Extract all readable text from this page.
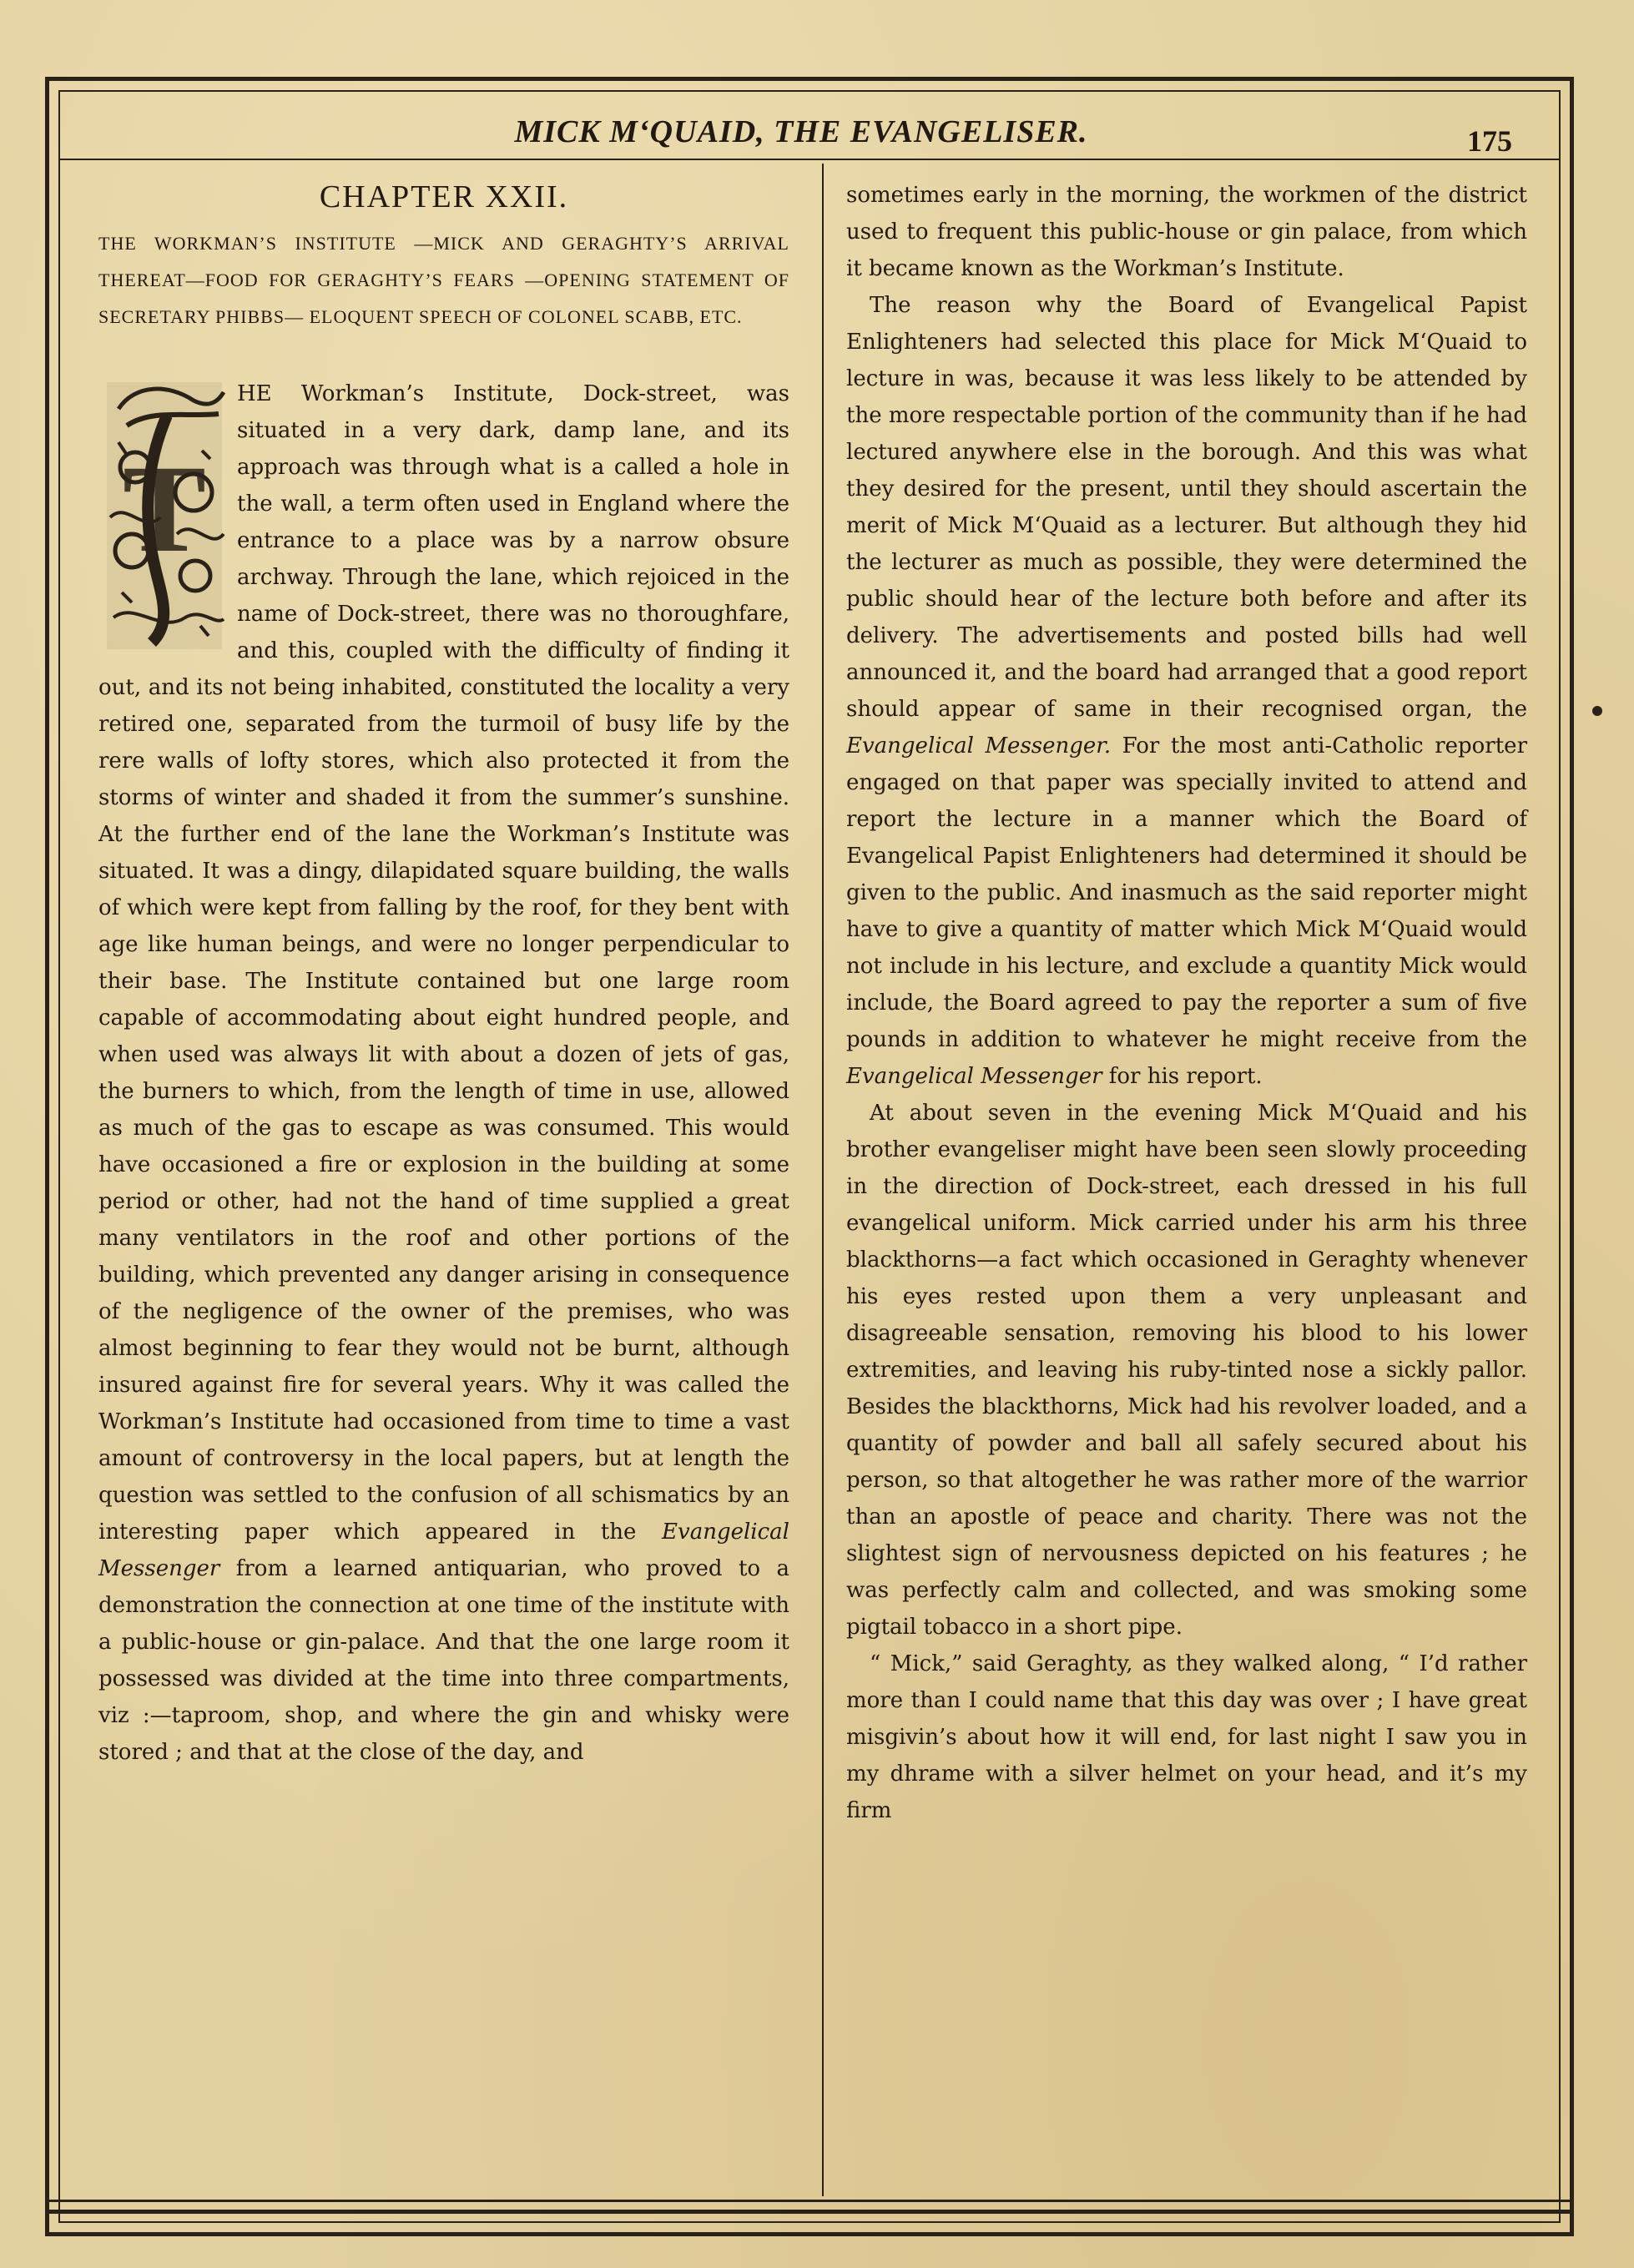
MICK M‘QUAID, THE EVANGELISER.	175
CHAPTER XXII.
THE WORKMAN’S INSTITUTE —MICK AND GERAGHTY’S ARRIVAL THEREAT—FOOD FOR GERAGHTY’S FEARS —OPENING STATEMENT OF SECRETARY PHIBBS— ELOQUENT SPEECH OF COLONEL SCABB, ETC.
T

HE Workman’s Institute, Dock-street, was situated in a very dark, damp lane, and its approach was through what is a called a hole in the wall, a term often used in England where the entrance to a place was by a narrow obsure archway. Through the lane, which rejoiced in the name of Dock-street, there was no thoroughfare, and this, coupled with the difficulty of finding it out, and its not being inhabited, constituted the locality a very retired one, separated from the turmoil of busy life by the rere walls of lofty stores, which also protected it from the storms of winter and shaded it from the summer’s sunshine. At the further end of the lane the Workman’s Institute was situated. It was a dingy, dilapidated square building, the walls of which were kept from falling by the roof, for they bent with age like human beings, and were no longer perpendicular to their base. The Institute contained but one large room capable of accommodating about eight hundred people, and when used was always lit with about a dozen of jets of gas, the burners to which, from the length of time in use, allowed as much of the gas to escape as was consumed. This would have occasioned a fire or explosion in the building at some period or other, had not the hand of time supplied a great many ventilators in the roof and other portions of the building, which prevented any danger arising in consequence of the negligence of the owner of the premises, who was almost beginning to fear they would not be burnt, although insured against fire for several years. Why it was called the Workman’s Institute had occasioned from time to time a vast amount of controversy in the local papers, but at length the question was settled to the confusion of all schismatics by an interesting paper which appeared in the Evangelical Messenger from a learned antiquarian, who proved to a demonstration the connection at one time of the institute with a public-house or gin-palace. And that the one large room it possessed was divided at the time into three compartments, viz :—taproom, shop, and where the gin and whisky were stored ; and that at the close of the day, and

sometimes early in the morning, the workmen of the district used to frequent this public-house or gin palace, from which it became known as the Workman’s Institute.

The reason why the Board of Evangelical Papist Enlighteners had selected this place for Mick M‘Quaid to lecture in was, because it was less likely to be attended by the more respectable portion of the community than if he had lectured anywhere else in the borough. And this was what they desired for the present, until they should ascertain the merit of Mick M‘Quaid as a lecturer. But although they hid the lecturer as much as possible, they were determined the public should hear of the lecture both before and after its delivery. The advertisements and posted bills had well announced it, and the board had arranged that a good report should appear of same in their recognised organ, the Evangelical Messenger. For the most anti-Catholic reporter engaged on that paper was specially invited to attend and report the lecture in a manner which the Board of Evangelical Papist Enlighteners had determined it should be given to the public. And inasmuch as the said reporter might have to give a quantity of matter which Mick M‘Quaid would not include in his lecture, and exclude a quantity Mick would include, the Board agreed to pay the reporter a sum of five pounds in addition to whatever he might receive from the Evangelical Messenger for his report.

At about seven in the evening Mick M‘Quaid and his brother evangeliser might have been seen slowly proceeding in the direction of Dock-street, each dressed in his full evangelical uniform. Mick carried under his arm his three blackthorns—a fact which occasioned in Geraghty whenever his eyes rested upon them a very unpleasant and disagreeable sensation, removing his blood to his lower extremities, and leaving his ruby-tinted nose a sickly pallor. Besides the blackthorns, Mick had his revolver loaded, and a quantity of powder and ball all safely secured about his person, so that altogether he was rather more of the warrior than an apostle of peace and charity. There was not the slightest sign of nervousness depicted on his features ; he was perfectly calm and collected, and was smoking some pigtail tobacco in a short pipe.

“ Mick,” said Geraghty, as they walked along, “ I’d rather more than I could name that this day was over ; I have great misgivin’s about how it will end, for last night I saw you in my dhrame with a silver helmet on your head, and it’s my firm
